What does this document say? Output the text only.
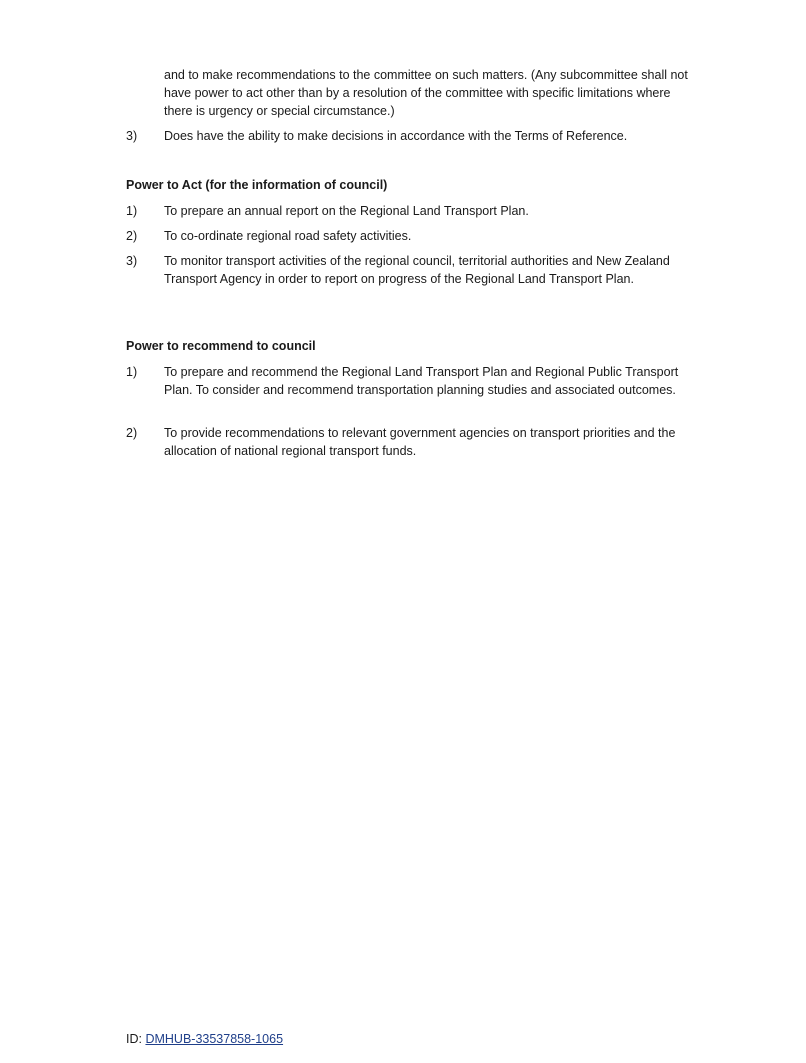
and to make recommendations to the committee on such matters. (Any subcommittee shall not have power to act other than by a resolution of the committee with specific limitations where there is urgency or special circumstance.)
3)	Does have the ability to make decisions in accordance with the Terms of Reference.
Power to Act (for the information of council)
1)	To prepare an annual report on the Regional Land Transport Plan.
2)	To co-ordinate regional road safety activities.
3)	To monitor transport activities of the regional council, territorial authorities and New Zealand Transport Agency in order to report on progress of the Regional Land Transport Plan.
Power to recommend to council
1)	To prepare and recommend the Regional Land Transport Plan and Regional Public Transport Plan. To consider and recommend transportation planning studies and associated outcomes.
2)	To provide recommendations to relevant government agencies on transport priorities and the allocation of national regional transport funds.
ID: DMHUB-33537858-1065
